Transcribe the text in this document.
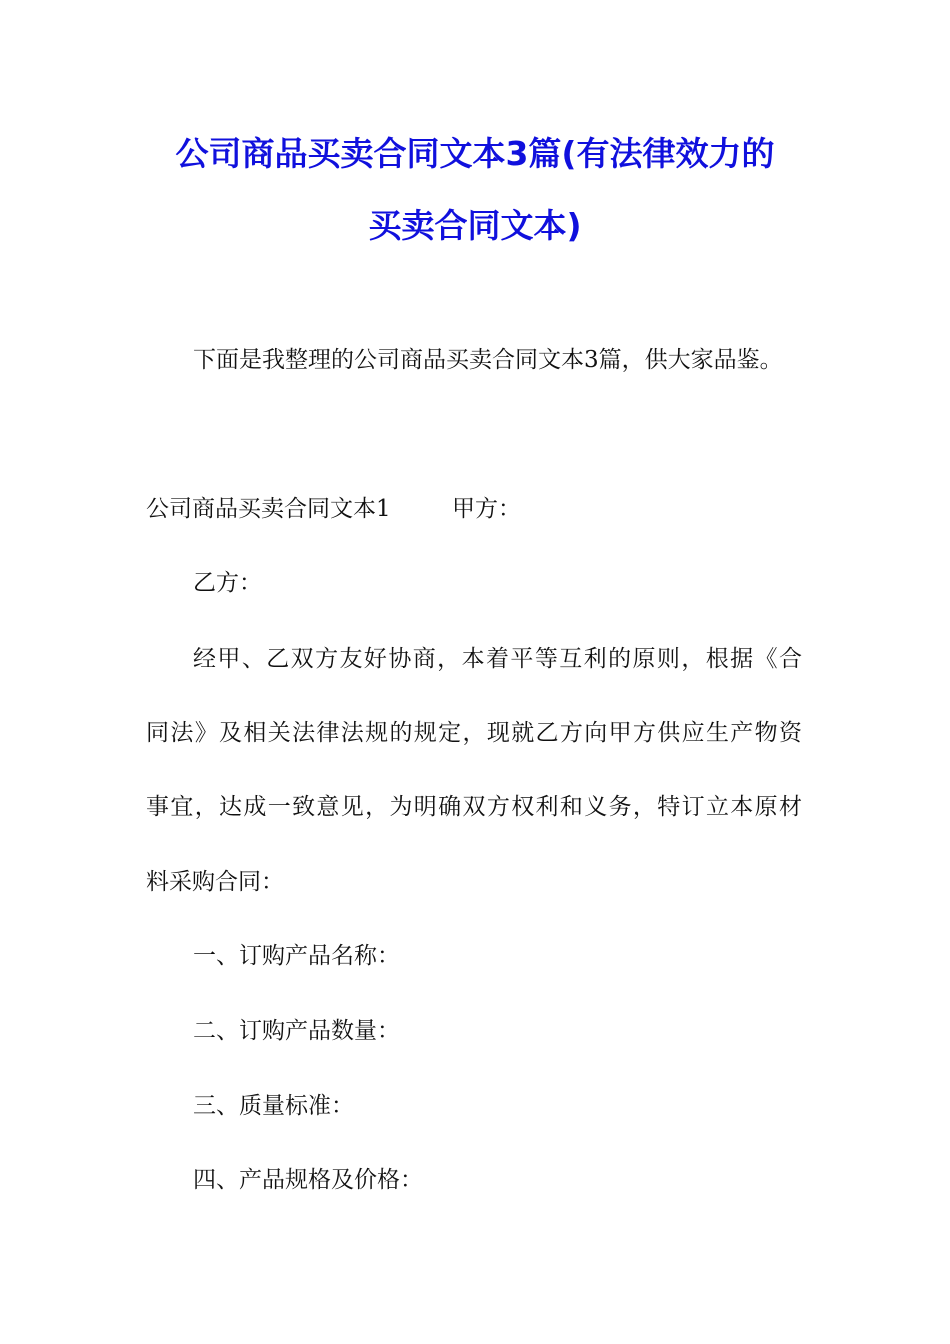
公司商品买卖合同文本3篇(有法律效力的
买卖合同文本)
下面是我整理的公司商品买卖合同文本3篇，供大家品鉴。
公司商品买卖合同文本1	甲方：
乙方：
经甲、乙双方友好协商，本着平等互利的原则，根据《合
同法》及相关法律法规的规定，现就乙方向甲方供应生产物资
事宜，达成一致意见，为明确双方权利和义务，特订立本原材
料采购合同：
一、订购产品名称：
二、订购产品数量：
三、质量标准：
四、产品规格及价格：
